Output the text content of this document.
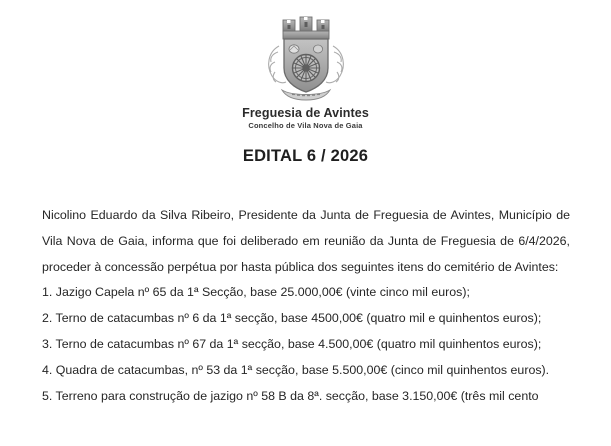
Freguesia de Avintes
Concelho de Vila Nova de Gaia
EDITAL 6 / 2026

Nicolino Eduardo da Silva Ribeiro, Presidente da Junta de Freguesia de Avintes, Município de Vila Nova de Gaia, informa que foi deliberado em reunião da Junta de Freguesia de 6/4/2026, proceder à concessão perpétua por hasta pública dos seguintes itens do cemitério de Avintes:

1. Jazigo Capela nº 65 da 1ª Secção, base 25.000,00€ (vinte cinco mil euros);
2. Terno de catacumbas nº 6 da 1ª secção, base 4500,00€ (quatro mil e quinhentos euros);
3. Terno de catacumbas nº 67 da 1ª secção, base 4.500,00€ (quatro mil quinhentos euros);
4. Quadra de catacumbas, nº 53 da 1ª secção, base 5.500,00€ (cinco mil quinhentos euros).
5. Terreno para construção de jazigo nº 58 B da 8ª. secção, base 3.150,00€ (três mil cento
